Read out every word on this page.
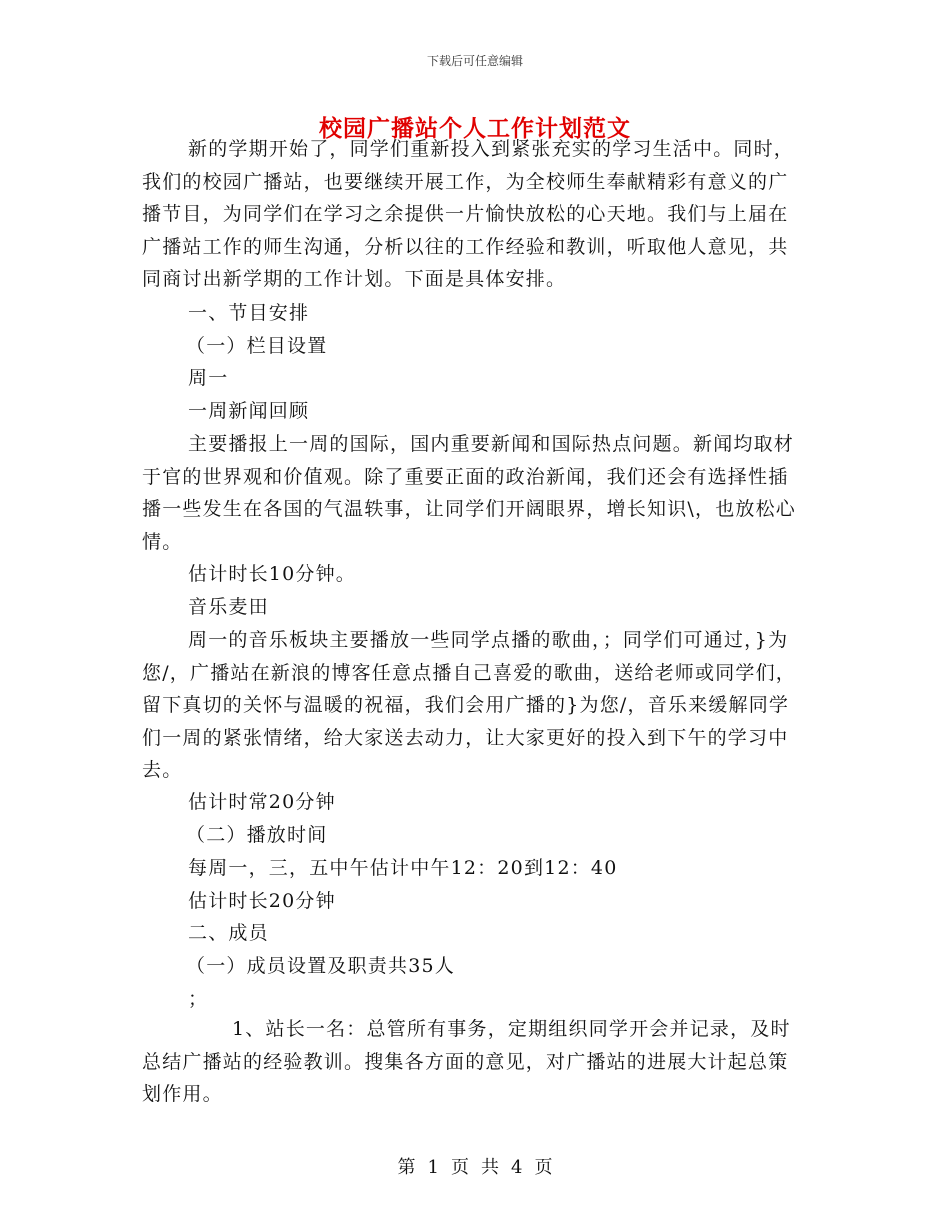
下载后可任意编辑
校园广播站个人工作计划范文
新的学期开始了，同学们重新投入到紧张充实的学习生活中。同时，我们的校园广播站，也要继续开展工作，为全校师生奉献精彩有意义的广播节目，为同学们在学习之余提供一片愉快放松的心天地。我们与上届在广播站工作的师生沟通，分析以往的工作经验和教训，听取他人意见，共同商讨出新学期的工作计划。下面是具体安排。
一、节目安排
（一）栏目设置
周一
一周新闻回顾
主要播报上一周的国际，国内重要新闻和国际热点问题。新闻均取材于官的世界观和价值观。除了重要正面的政治新闻，我们还会有选择性插播一些发生在各国的气温轶事，让同学们开阔眼界，增长知识\，也放松心情。
估计时长10分钟。
音乐麦田
周一的音乐板块主要播放一些同学点播的歌曲，；同学们可通过，}为您/，广播站在新浪的博客任意点播自己喜爱的歌曲，送给老师或同学们，留下真切的关怀与温暖的祝福，我们会用广播的}为您/，音乐来缓解同学们一周的紧张情绪，给大家送去动力，让大家更好的投入到下午的学习中去。
估计时常20分钟
（二）播放时间
每周一，三，五中午估计中午12：20到12：40
估计时长20分钟
二、成员
（一）成员设置及职责共35人
；
1、站长一名：总管所有事务，定期组织同学开会并记录，及时总结广播站的经验教训。搜集各方面的意见，对广播站的进展大计起总策划作用。
第 1 页 共 4 页
